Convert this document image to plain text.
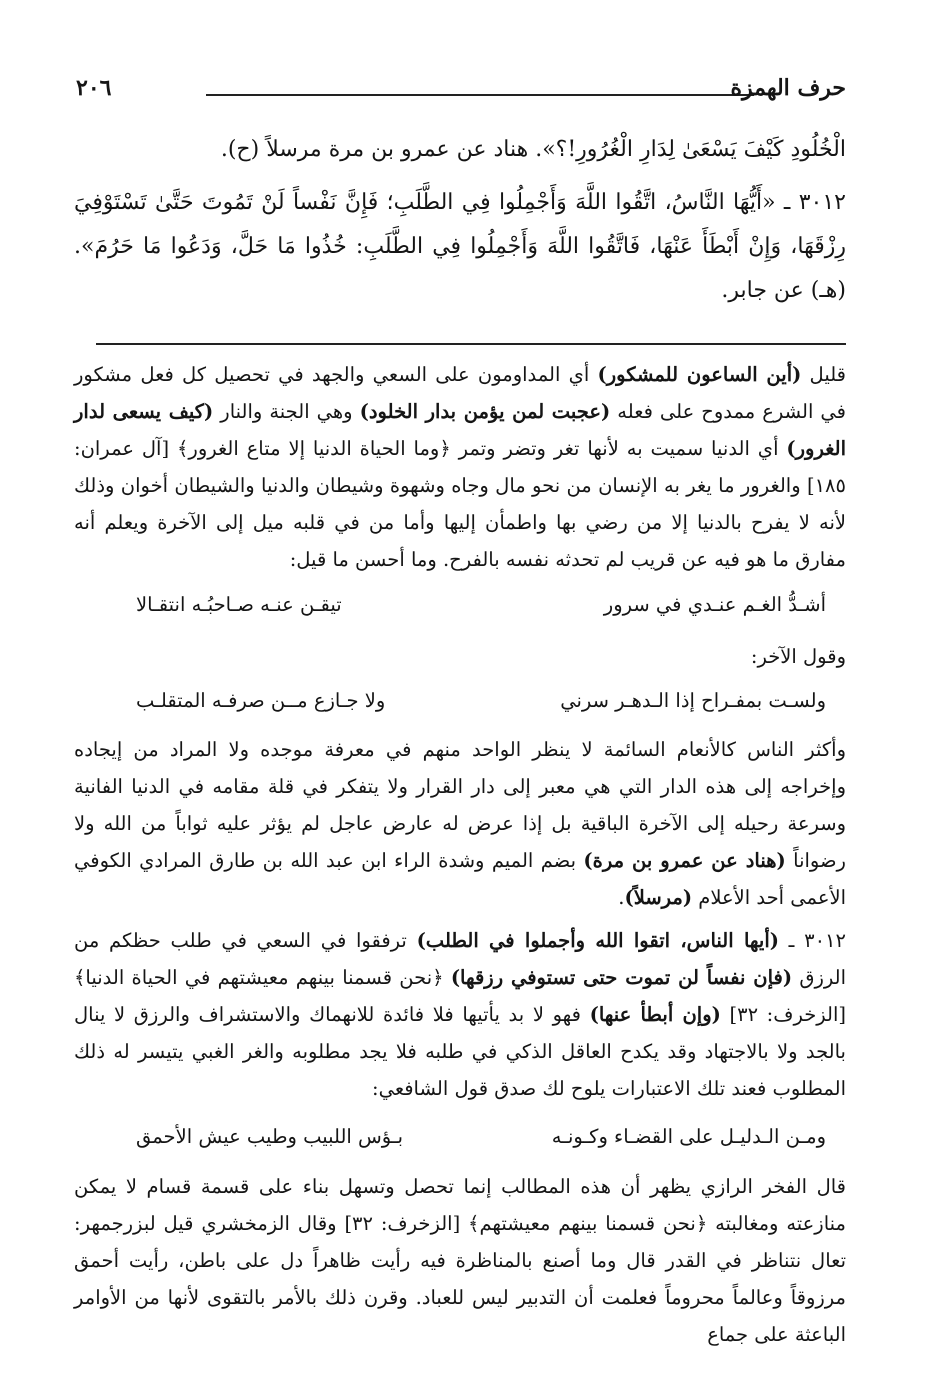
٢٠٦	حرف الهمزة

الْخُلُودِ كَيْفَ يَسْعَىٰ لِدَارِ الْغُرُورِ!؟». هناد عن عمرو بن مرة مرسلاً (ح).

٣٠١٢ ـ «أَيُّهَا النَّاسُ، اتَّقُوا اللَّهَ وَأَجْمِلُوا فِي الطَّلَبِ؛ فَإِنَّ نَفْساً لَنْ تَمُوتَ حَتَّىٰ تَسْتَوْفِيَ رِزْقَهَا، وَإِنْ أَبْطَأَ عَنْهَا، فَاتَّقُوا اللَّهَ وَأَجْمِلُوا فِي الطَّلَبِ: خُذُوا مَا حَلَّ، وَدَعُوا مَا حَرُمَ». (هـ) عن جابر.

قليل (أين الساعون للمشكور) أي المداومون على السعي والجهد في تحصيل كل فعل مشكور في الشرع ممدوح على فعله (عجبت لمن يؤمن بدار الخلود) وهي الجنة والنار (كيف يسعى لدار الغرور) أي الدنيا سميت به لأنها تغر وتضر وتمر ﴿وما الحياة الدنيا إلا متاع الغرور﴾ [آل عمران: ١٨٥] والغرور ما يغر به الإنسان من نحو مال وجاه وشهوة وشيطان والدنيا والشيطان أخوان وذلك لأنه لا يفرح بالدنيا إلا من رضي بها واطمأن إليها وأما من في قلبه ميل إلى الآخرة ويعلم أنه مفارق ما هو فيه عن قريب لم تحدثه نفسه بالفرح. وما أحسن ما قيل:

أشـدُّ الغـم عنـدي في سرور
تيقـن عنـه صـاحبُـه انتقـالا

وقول الآخر:

ولسـت بمفـراح إذا الـدهـر سرني
ولا جـازع مــن صرفـه المتقلـب

وأكثر الناس كالأنعام السائمة لا ينظر الواحد منهم في معرفة موجده ولا المراد من إيجاده وإخراجه إلى هذه الدار التي هي معبر إلى دار القرار ولا يتفكر في قلة مقامه في الدنيا الفانية وسرعة رحيله إلى الآخرة الباقية بل إذا عرض له عارض عاجل لم يؤثر عليه ثواباً من الله ولا رضواناً (هناد عن عمرو بن مرة) بضم الميم وشدة الراء ابن عبد الله بن طارق المرادي الكوفي الأعمى أحد الأعلام (مرسلاً).

٣٠١٢ ـ (أيها الناس، اتقوا الله وأجملوا في الطلب) ترفقوا في السعي في طلب حظكم من الرزق (فإن نفساً لن تموت حتى تستوفي رزقها) ﴿نحن قسمنا بينهم معيشتهم في الحياة الدنيا﴾ [الزخرف: ٣٢] (وإن أبطأ عنها) فهو لا بد يأتيها فلا فائدة للانهماك والاستشراف والرزق لا ينال بالجد ولا بالاجتهاد وقد يكدح العاقل الذكي في طلبه فلا يجد مطلوبه والغر الغبي يتيسر له ذلك المطلوب فعند تلك الاعتبارات يلوح لك صدق قول الشافعي:

ومـن الـدليـل على القضـاء وكـونـه
بـؤس اللبيب وطيب عيش الأحمق

قال الفخر الرازي يظهر أن هذه المطالب إنما تحصل وتسهل بناء على قسمة قسام لا يمكن منازعته ومغالبته ﴿نحن قسمنا بينهم معيشتهم﴾ [الزخرف: ٣٢] وقال الزمخشري قيل لبزرجمهر: تعال نتناظر في القدر قال وما أصنع بالمناظرة فيه رأيت ظاهراً دل على باطن، رأيت أحمق مرزوقاً وعالماً محروماً فعلمت أن التدبير ليس للعباد. وقرن ذلك بالأمر بالتقوى لأنها من الأوامر الباعثة على جماع
